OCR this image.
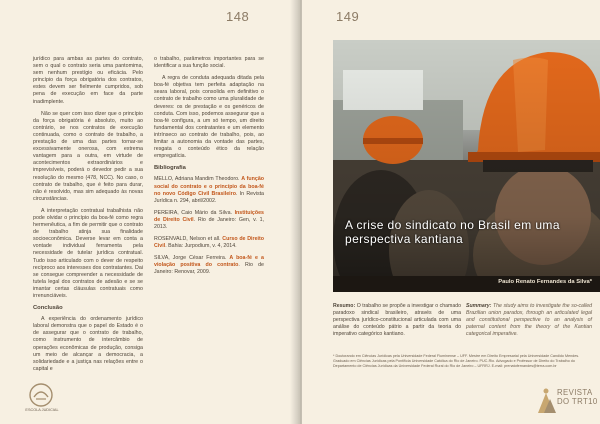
148

jurídico para ambas as partes do contrato, sem o qual o contrato seria uma pantomima, sem nenhum prestígio ou eficácia. Pelo princípio da força obrigatória dos contratos, estes devem ser fielmente cumpridos, sob pena de execução em face da parte inadimplente.

Não se quer com isso dizer que o princípio da força obrigatória é absoluto, muito ao contrário, se nos contratos de execução continuada, como o contrato de trabalho, a prestação de uma das partes tornar-se excessivamente onerosa, com extrema vantagem para a outra, em virtude de acontecimentos extraordinários e imprevisíveis, poderá o devedor pedir a sua resolução do mesmo (478, NCC). No caso, o contrato de trabalho, que é feito para durar, não é resolvido, mas sim adequado às novas circunstâncias.

A interpretação contratual trabalhista não pode olvidar o princípio da boa-fé como regra hermenêutica, a fim de permitir que o contrato de trabalho atinja sua finalidade socioeconômica. Deverse levar em conta a vontade individual ferramenta pela necessidade de tutelar jurídica contratual. Tudo isso articulado com o dever de respeito recíproco aos interesses dos contratantes. Dai se consegue compreender a necessidade de tutela legal dos contratos de adesão e se se imantar certas cláusulas contratuais como irrenunciáveis.

Conclusão

A experiência do ordenamento jurídico laboral demonstra que o papel do Estado é o de assegurar que o contrato de trabalho, como instrumento de intercâmbio de operações econômicas de produção, consiga um meio de alcançar a democracia, a solidariedade e a justiça nas relações entre o capital e

o trabalho, parâmetros importantes para se identificar a sua função social.

A regra de conduta adequada ditada pela boa-fé objetiva tem perfeita adaptação na seara laboral, pois consolida em definitivo o contrato de trabalho como uma pluralidade de deveres: os de prestação e os genéricos de conduta. Com isso, podemos assegurar que a boa-fé configura, a um só tempo, um direito fundamental dos contratantes e um elemento intrínseco ao contrato de trabalho, pois, ao limitar a autonomia da vontade das partes, resgata o conteúdo ético da relação empregatícia.

Bibliografia

MELLO, Adriana Mandim Theodoro. A função social do contrato e o princípio da boa-fé no novo Código Civil Brasileiro. In Revista Jurídica n. 294, abril/2002.

PEREIRA, Caio Mário da Silva. Instituições de Direito Civil. Rio de Janeiro: Gen, v. 1, 2013.

ROSENVALD, Nelson et all. Curso de Direito Civil. Bahia: Jurpodium, v. 4, 2014.

SILVA, Jorge César Ferreira. A boa-fé e a violação positiva do contrato. Rio de Janeiro: Renovar, 2009.

ESCOLA JUDICIAL
149
A crise do sindicato no Brasil em uma perspectiva kantiana
Paulo Renato Fernandes da Silva*
Resumo: O trabalho se propõe a investigar o chamado paradoxo sindical brasileiro, através de uma perspectiva jurídico-constitucional articulada com uma análise do conteúdo pátrio a partir da teoria do imperativo categórico kantiano.
Summary: The study aims to investigate the so-called Brazilian union paradox, through an articulated legal and constitutional perspective to an analysis of paternal content from the theory of the Kantian categorical imperative.
* Doutorando em Ciências Jurídicas pela Universidade Federal Fluminense – UFF. Mestre em Direito Empresarial pela Universidade Candido Mendes. Graduado em Ciências Jurídicas pela Pontifícia Universidade Católica do Rio de Janeiro. PUC-Rio. Advogado e Professor de Direito do Trabalho do Departamento de Ciências Jurídicas da Universidade Federal Rural do Rio de Janeiro – UFRRJ. E-mail: prenatofernandes@terra.com.br
REVISTA
DO TRT10
